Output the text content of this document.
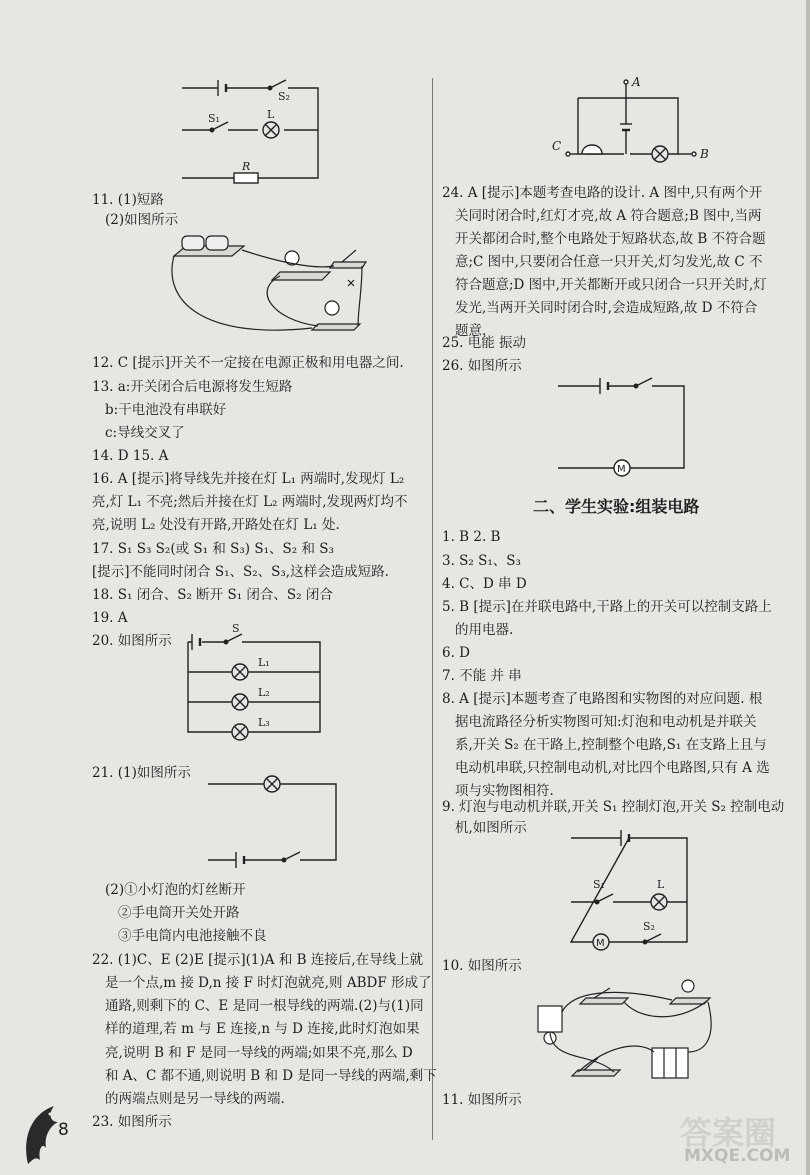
11. (1)短路
(2)如图所示
12. C [提示]开关不一定接在电源正极和用电器之间.
13. a:开关闭合后电源将发生短路
b:干电池没有串联好
c:导线交叉了
14. D 15. A
16. A [提示]将导线先并接在灯 L₁ 两端时,发现灯 L₂
亮,灯 L₁ 不亮;然后并接在灯 L₂ 两端时,发现两灯均不
亮,说明 L₂ 处没有开路,开路处在灯 L₁ 处.
17. S₁ S₃ S₂(或 S₁ 和 S₃) S₁、S₂ 和 S₃
[提示]不能同时闭合 S₁、S₂、S₃,这样会造成短路.
18. S₁ 闭合、S₂ 断开 S₁ 闭合、S₂ 闭合
19. A
20. 如图所示
21. (1)如图所示
(2)①小灯泡的灯丝断开
②手电筒开关处开路
③手电筒内电池接触不良
22. (1)C、E (2)E [提示](1)A 和 B 连接后,在导线上就
是一个点,m 接 D,n 接 F 时灯泡就亮,则 ABDF 形成了
通路,则剩下的 C、E 是同一根导线的两端.(2)与(1)同
样的道理,若 m 与 E 连接,n 与 D 连接,此时灯泡如果
亮,说明 B 和 F 是同一导线的两端;如果不亮,那么 D
和 A、C 都不通,则说明 B 和 D 是同一导线的两端,剩下
的两端点则是另一导线的两端.
23. 如图所示
24. A [提示]本题考查电路的设计. A 图中,只有两个开
关同时闭合时,红灯才亮,故 A 符合题意;B 图中,当两
开关都闭合时,整个电路处于短路状态,故 B 不符合题
意;C 图中,只要闭合任意一只开关,灯匀发光,故 C 不
符合题意;D 图中,开关都断开或只闭合一只开关时,灯
发光,当两开关同时闭合时,会造成短路,故 D 不符合
题意.
25. 电能 振动
26. 如图所示
二、学生实验:组装电路
1. B 2. B
3. S₂ S₁、S₃
4. C、D 串 D
5. B [提示]在并联电路中,干路上的开关可以控制支路上
的用电器.
6. D
7. 不能 并 串
8. A [提示]本题考查了电路图和实物图的对应问题. 根
据电流路径分析实物图可知:灯泡和电动机是并联关
系,开关 S₂ 在干路上,控制整个电路,S₁ 在支路上且与
电动机串联,只控制电动机,对比四个电路图,只有 A 选
项与实物图相符.
9. 灯泡与电动机并联,开关 S₁ 控制灯泡,开关 S₂ 控制电动
机,如图所示
10. 如图所示
11. 如图所示
S₂
S₁	L
R
S
L₁
L₂
L₃
A
C
B
M
S₁	L
M
S₂
8	答案圈
MXQE.COM
